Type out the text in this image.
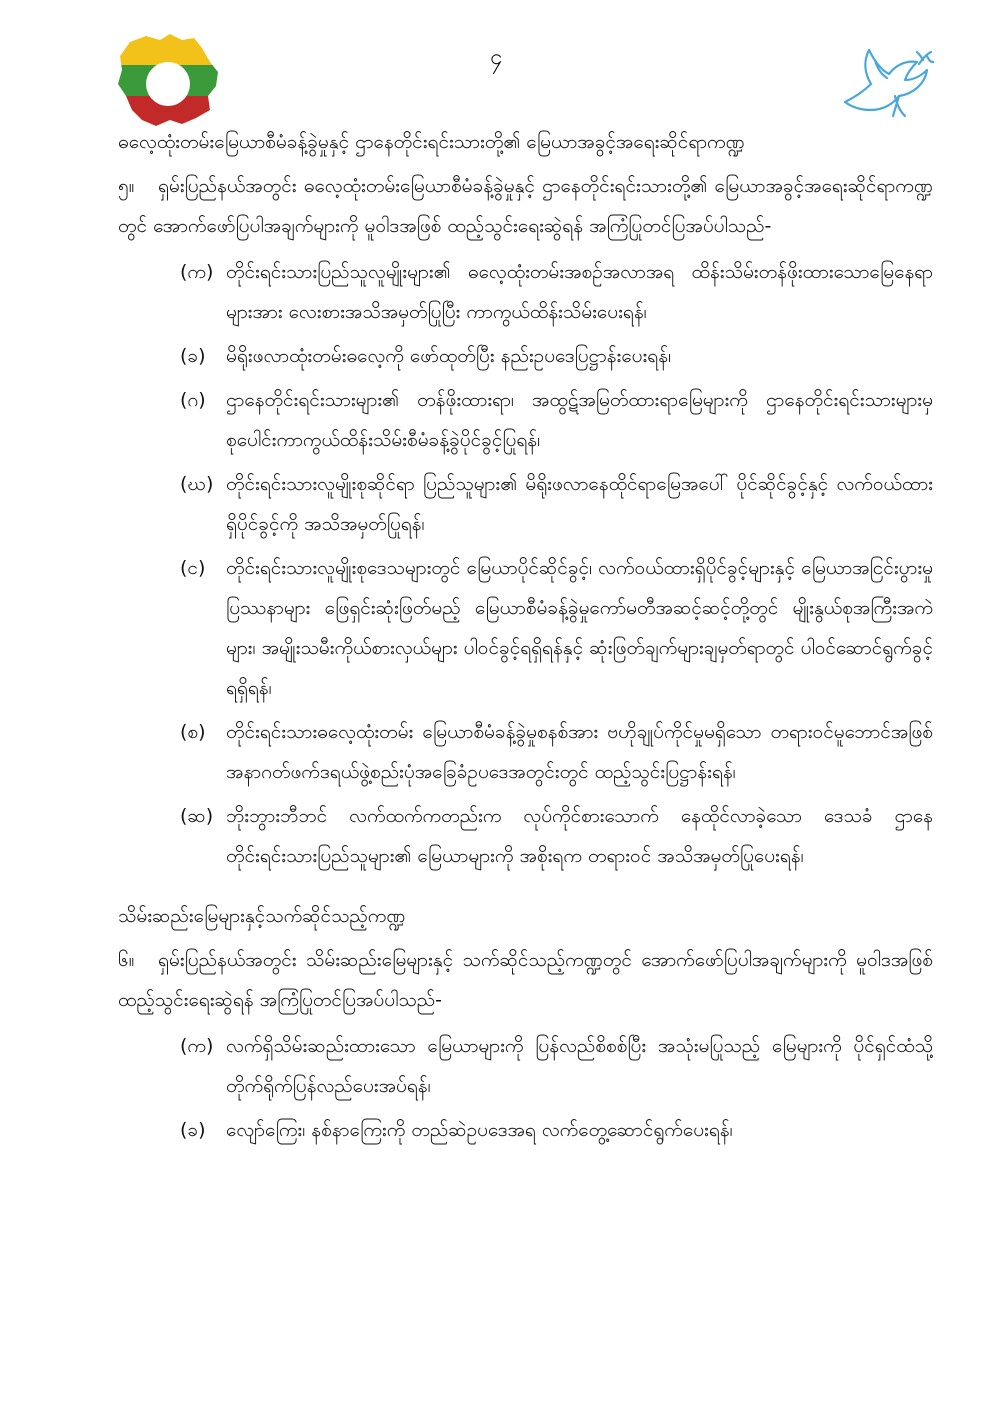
၄
ဓလေ့ထုံးတမ်းမြေယာစီမံခန့်ခွဲမှုနှင့် ဌာနေတိုင်းရင်းသားတို့၏ မြေယာအခွင့်အရေးဆိုင်ရာကဏ္ဍ
၅။ ရှမ်းပြည်နယ်အတွင်း ဓလေ့ထုံးတမ်းမြေယာစီမံခန့်ခွဲမှုနှင့် ဌာနေတိုင်းရင်းသားတို့၏ မြေယာအခွင့်အရေးဆိုင်ရာကဏ္ဍတွင် အောက်ဖော်ပြပါအချက်များကို မူဝါဒအဖြစ် ထည့်သွင်းရေးဆွဲရန် အကြံပြုတင်ပြအပ်ပါသည်-
(က) တိုင်းရင်းသားပြည်သူလူမျိုးများ၏ ဓလေ့ထုံးတမ်းအစဉ်အလာအရ ထိန်းသိမ်းတန်ဖိုးထားသောမြေနေရာများအား လေးစားအသိအမှတ်ပြုပြီး ကာကွယ်ထိန်းသိမ်းပေးရန်၊
(ခ)	မိရိုးဖလာထုံးတမ်းဓလေ့ကို ဖော်ထုတ်ပြီး နည်းဥပဒေပြဋ္ဌာန်းပေးရန်၊
(ဂ)	ဌာနေတိုင်းရင်းသားများ၏ တန်ဖိုးထားရာ၊ အထွဋ်အမြတ်ထားရာမြေများကို ဌာနေတိုင်းရင်းသားများမှ စုပေါင်းကာကွယ်ထိန်းသိမ်းစီမံခန့်ခွဲပိုင်ခွင့်ပြုရန်၊
(ဃ) တိုင်းရင်းသားလူမျိုးစုဆိုင်ရာ ပြည်သူများ၏ မိရိုးဖလာနေထိုင်ရာမြေအပေါ် ပိုင်ဆိုင်ခွင့်နှင့် လက်ဝယ်ထားရှိပိုင်ခွင့်ကို အသိအမှတ်ပြုရန်၊
(င)	တိုင်းရင်းသားလူမျိုးစုဒေသများတွင် မြေယာပိုင်ဆိုင်ခွင့်၊ လက်ဝယ်ထားရှိပိုင်ခွင့်များနှင့် မြေယာအငြင်းပွားမှုပြဿနာများ ဖြေရှင်းဆုံးဖြတ်မည့် မြေယာစီမံခန့်ခွဲမှုကော်မတီအဆင့်ဆင့်တို့တွင် မျိုးနွယ်စုအကြီးအကဲများ၊ အမျိုးသမီးကိုယ်စားလှယ်များ ပါဝင်ခွင့်ရရှိရန်နှင့် ဆုံးဖြတ်ချက်များချမှတ်ရာတွင် ပါဝင်ဆောင်ရွက်ခွင့်ရရှိရန်၊
(စ)	တိုင်းရင်းသားဓလေ့ထုံးတမ်း မြေယာစီမံခန့်ခွဲမှုစနစ်အား ဗဟိုချုပ်ကိုင်မှုမရှိသော တရားဝင်မူဘောင်အဖြစ် အနာဂတ်ဖက်ဒရယ်ဖွဲ့စည်းပုံအခြေခံဥပဒေအတွင်းတွင် ထည့်သွင်းပြဋ္ဌာန်းရန်၊
(ဆ) ဘိုးဘွားဘီဘင် လက်ထက်ကတည်းက လုပ်ကိုင်စားသောက် နေထိုင်လာခဲ့သော ဒေသခံ ဌာနေတိုင်းရင်းသားပြည်သူများ၏ မြေယာများကို အစိုးရက တရားဝင် အသိအမှတ်ပြုပေးရန်၊
သိမ်းဆည်းမြေများနှင့်သက်ဆိုင်သည့်ကဏ္ဍ
၆။ ရှမ်းပြည်နယ်အတွင်း သိမ်းဆည်းမြေများနှင့် သက်ဆိုင်သည့်ကဏ္ဍတွင် အောက်ဖော်ပြပါအချက်များကို မူဝါဒအဖြစ် ထည့်သွင်းရေးဆွဲရန် အကြံပြုတင်ပြအပ်ပါသည်-
(က) လက်ရှိသိမ်းဆည်းထားသော မြေယာများကို ပြန်လည်စိစစ်ပြီး အသုံးမပြုသည့် မြေများကို ပိုင်ရှင်ထံသို့ တိုက်ရိုက်ပြန်လည်ပေးအပ်ရန်၊
(ခ)	လျော်ကြေး၊ နစ်နာကြေးကို တည်ဆဲဥပဒေအရ လက်တွေ့ဆောင်ရွက်ပေးရန်၊
